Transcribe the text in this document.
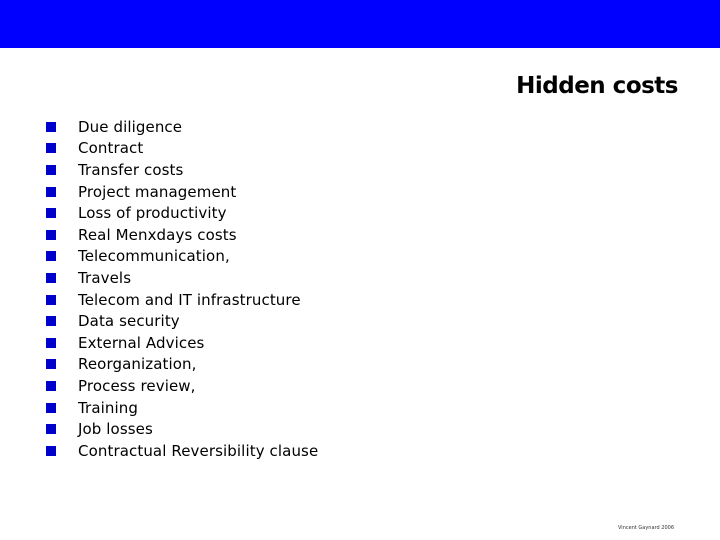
Hidden costs
Due diligence
Contract
Transfer costs
Project management
Loss of productivity
Real Menxdays costs
Telecommunication,
Travels
Telecom and IT infrastructure
Data security
External Advices
Reorganization,
Process review,
Training
Job losses
Contractual Reversibility clause
Vincent Gaynard 2006
